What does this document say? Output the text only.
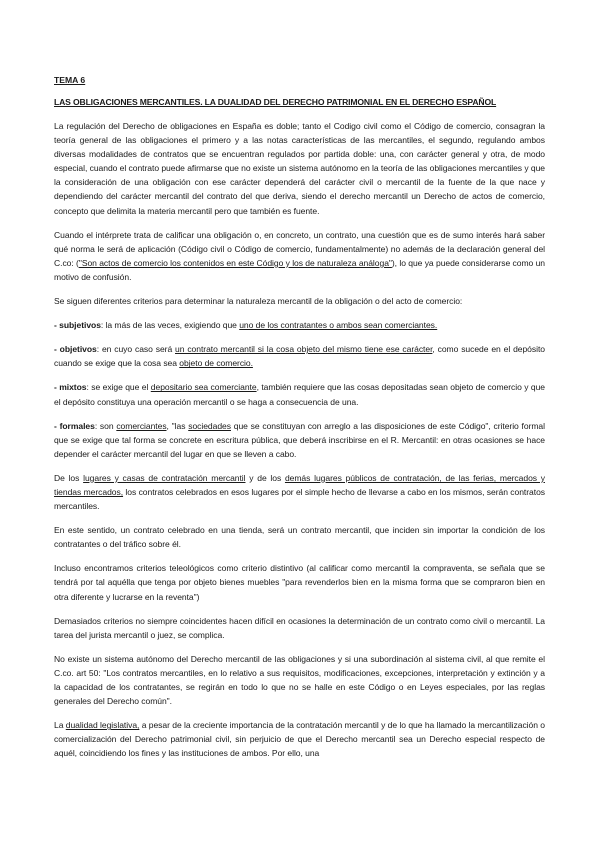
TEMA 6
LAS OBLIGACIONES MERCANTILES. LA DUALIDAD DEL DERECHO PATRIMONIAL EN EL DERECHO ESPAÑOL

La regulación del Derecho de obligaciones en España es doble; tanto el Codigo civil como el Código de comercio, consagran la teoría general de las obligaciones el primero y a las notas características de las mercantiles, el segundo, regulando ambos diversas modalidades de contratos que se encuentran regulados por partida doble: una, con carácter general y otra, de modo especial, cuando el contrato puede afirmarse que no existe un sistema autónomo en la teoría de las obligaciones mercantiles y que la consideración de una obligación con ese carácter dependerá del carácter civil o mercantil de la fuente de la que nace y dependiendo del carácter mercantil del contrato del que deriva, siendo el derecho mercantil un Derecho de actos de comercio, concepto que delimita la materia mercantil pero que también es fuente.

Cuando el intérprete trata de calificar una obligación o, en concreto, un contrato, una cuestión que es de sumo interés hará saber qué norma le será de aplicación (Código civil o Código de comercio, fundamentalmente) no además de la declaración general del C.co: ("Son actos de comercio los contenidos en este Código y los de naturaleza análoga"), lo que ya puede considerarse como un motivo de confusión.

Se siguen diferentes criterios para determinar la naturaleza mercantil de la obligación o del acto de comercio:

- subjetivos: la más de las veces, exigiendo que uno de los contratantes o ambos sean comerciantes.

- objetivos: en cuyo caso será un contrato mercantil si la cosa objeto del mismo tiene ese carácter, como sucede en el depósito cuando se exige que la cosa sea objeto de comercio.

- mixtos: se exige que el depositario sea comerciante, también requiere que las cosas depositadas sean objeto de comercio y que el depósito constituya una operación mercantil o se haga a consecuencia de una.

- formales: son comerciantes, "las sociedades que se constituyan con arreglo a las disposiciones de este Código", criterio formal que se exige que tal forma se concrete en escritura pública, que deberá inscribirse en el R. Mercantil: en otras ocasiones se hace depender el carácter mercantil del lugar en que se lleven a cabo.

De los lugares y casas de contratación mercantil y de los demás lugares públicos de contratación, de las ferias, mercados y tiendas mercados, los contratos celebrados en esos lugares por el simple hecho de llevarse a cabo en los mismos, serán contratos mercantiles.

En este sentido, un contrato celebrado en una tienda, será un contrato mercantil, que inciden sin importar la condición de los contratantes o del tráfico sobre él.

Incluso encontramos criterios teleológicos como criterio distintivo (al calificar como mercantil la compraventa, se señala que se tendrá por tal aquélla que tenga por objeto bienes muebles "para revenderlos bien en la misma forma que se compraron bien en otra diferente y lucrarse en la reventa")

Demasiados criterios no siempre coincidentes hacen difícil en ocasiones la determinación de un contrato como civil o mercantil. La tarea del jurista mercantil o juez, se complica.

No existe un sistema autónomo del Derecho mercantil de las obligaciones y si una subordinación al sistema civil, al que remite el C.co. art 50: "Los contratos mercantiles, en lo relativo a sus requisitos, modificaciones, excepciones, interpretación y extinción y a la capacidad de los contratantes, se regirán en todo lo que no se halle en este Código o en Leyes especiales, por las reglas generales del Derecho común".

La dualidad legislativa, a pesar de la creciente importancia de la contratación mercantil y de lo que ha llamado la mercantilización o comercialización del Derecho patrimonial civil, sin perjuicio de que el Derecho mercantil sea un Derecho especial respecto de aquél, coincidiendo los fines y las instituciones de ambos. Por ello, una
